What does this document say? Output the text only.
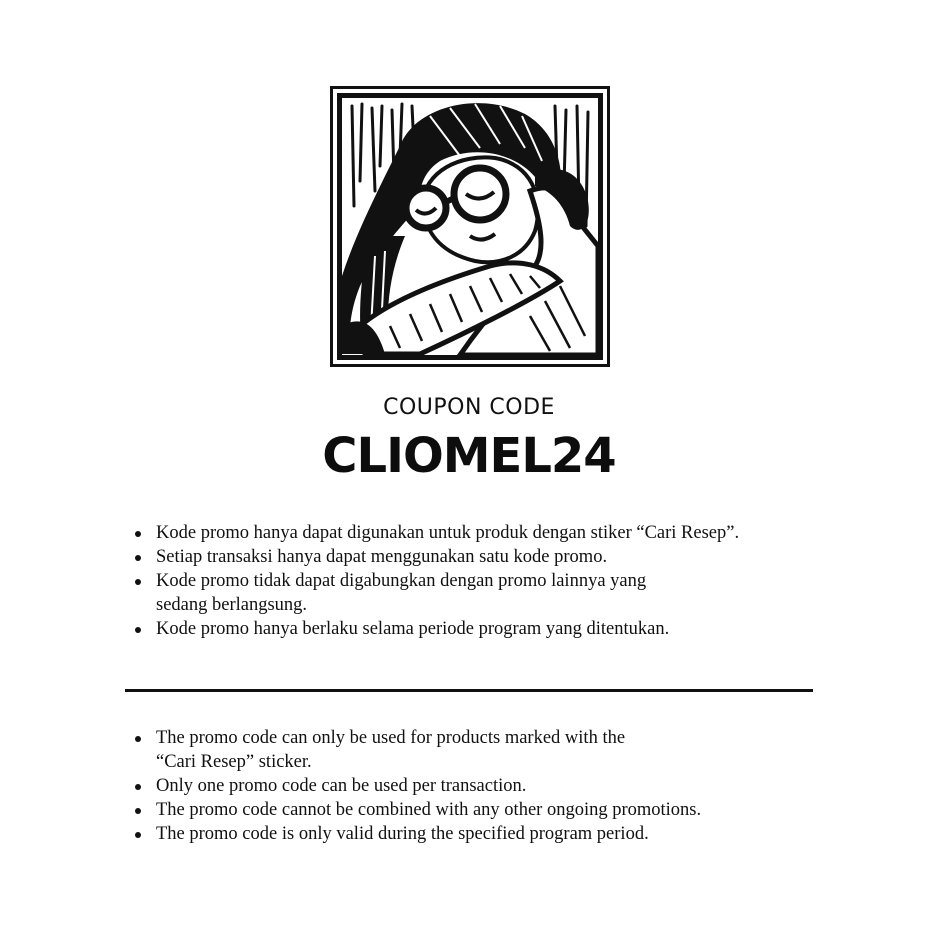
COUPON CODE
CLIOMEL24
Kode promo hanya dapat digunakan untuk produk dengan stiker “Cari Resep”.
Setiap transaksi hanya dapat menggunakan satu kode promo.
Kode promo tidak dapat digabungkan dengan promo lainnya yang
sedang berlangsung.
Kode promo hanya berlaku selama periode program yang ditentukan.
The promo code can only be used for products marked with the
“Cari Resep” sticker.
Only one promo code can be used per transaction.
The promo code cannot be combined with any other ongoing promotions.
The promo code is only valid during the specified program period.
